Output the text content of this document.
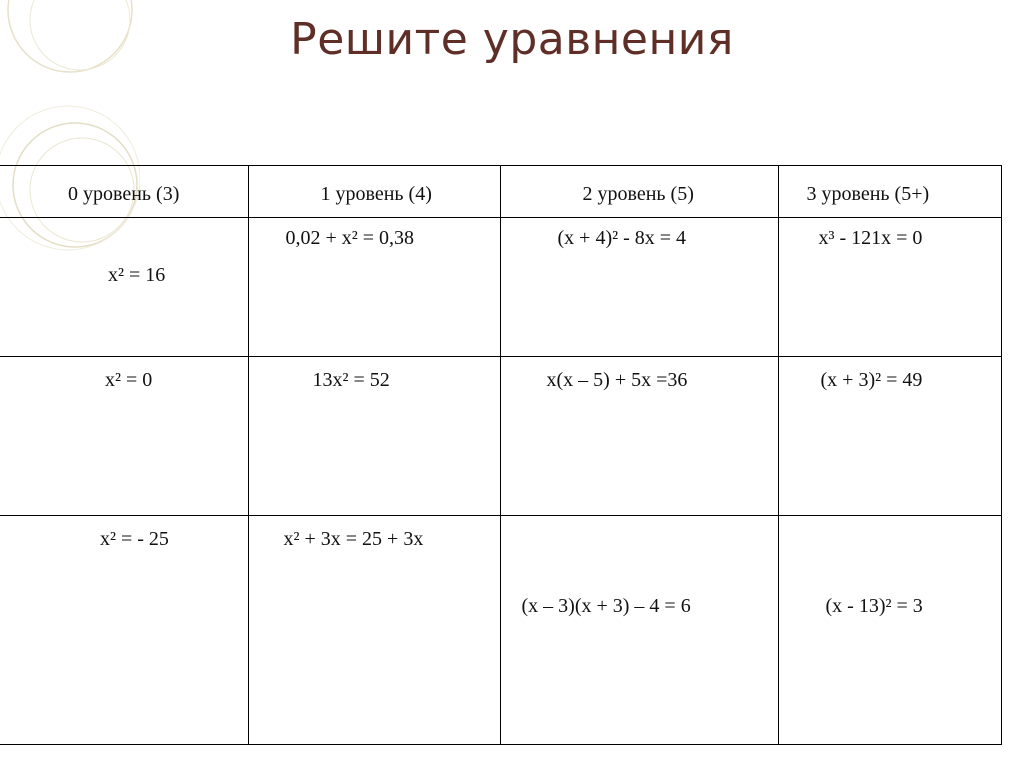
Решите уравнения
0 уровень (3)	1 уровень (4)	2 уровень (5)	3 уровень (5+)

x² = 16	0,02 + x² = 0,38	(x + 4)² - 8x = 4	x³ - 121x = 0

x² = 0	13x² = 52	x(x – 5) + 5x =36	(x + 3)² = 49

x² = - 25	x² + 3x = 25 + 3x	(x – 3)(x + 3) – 4 = 6	(x - 13)² = 3
